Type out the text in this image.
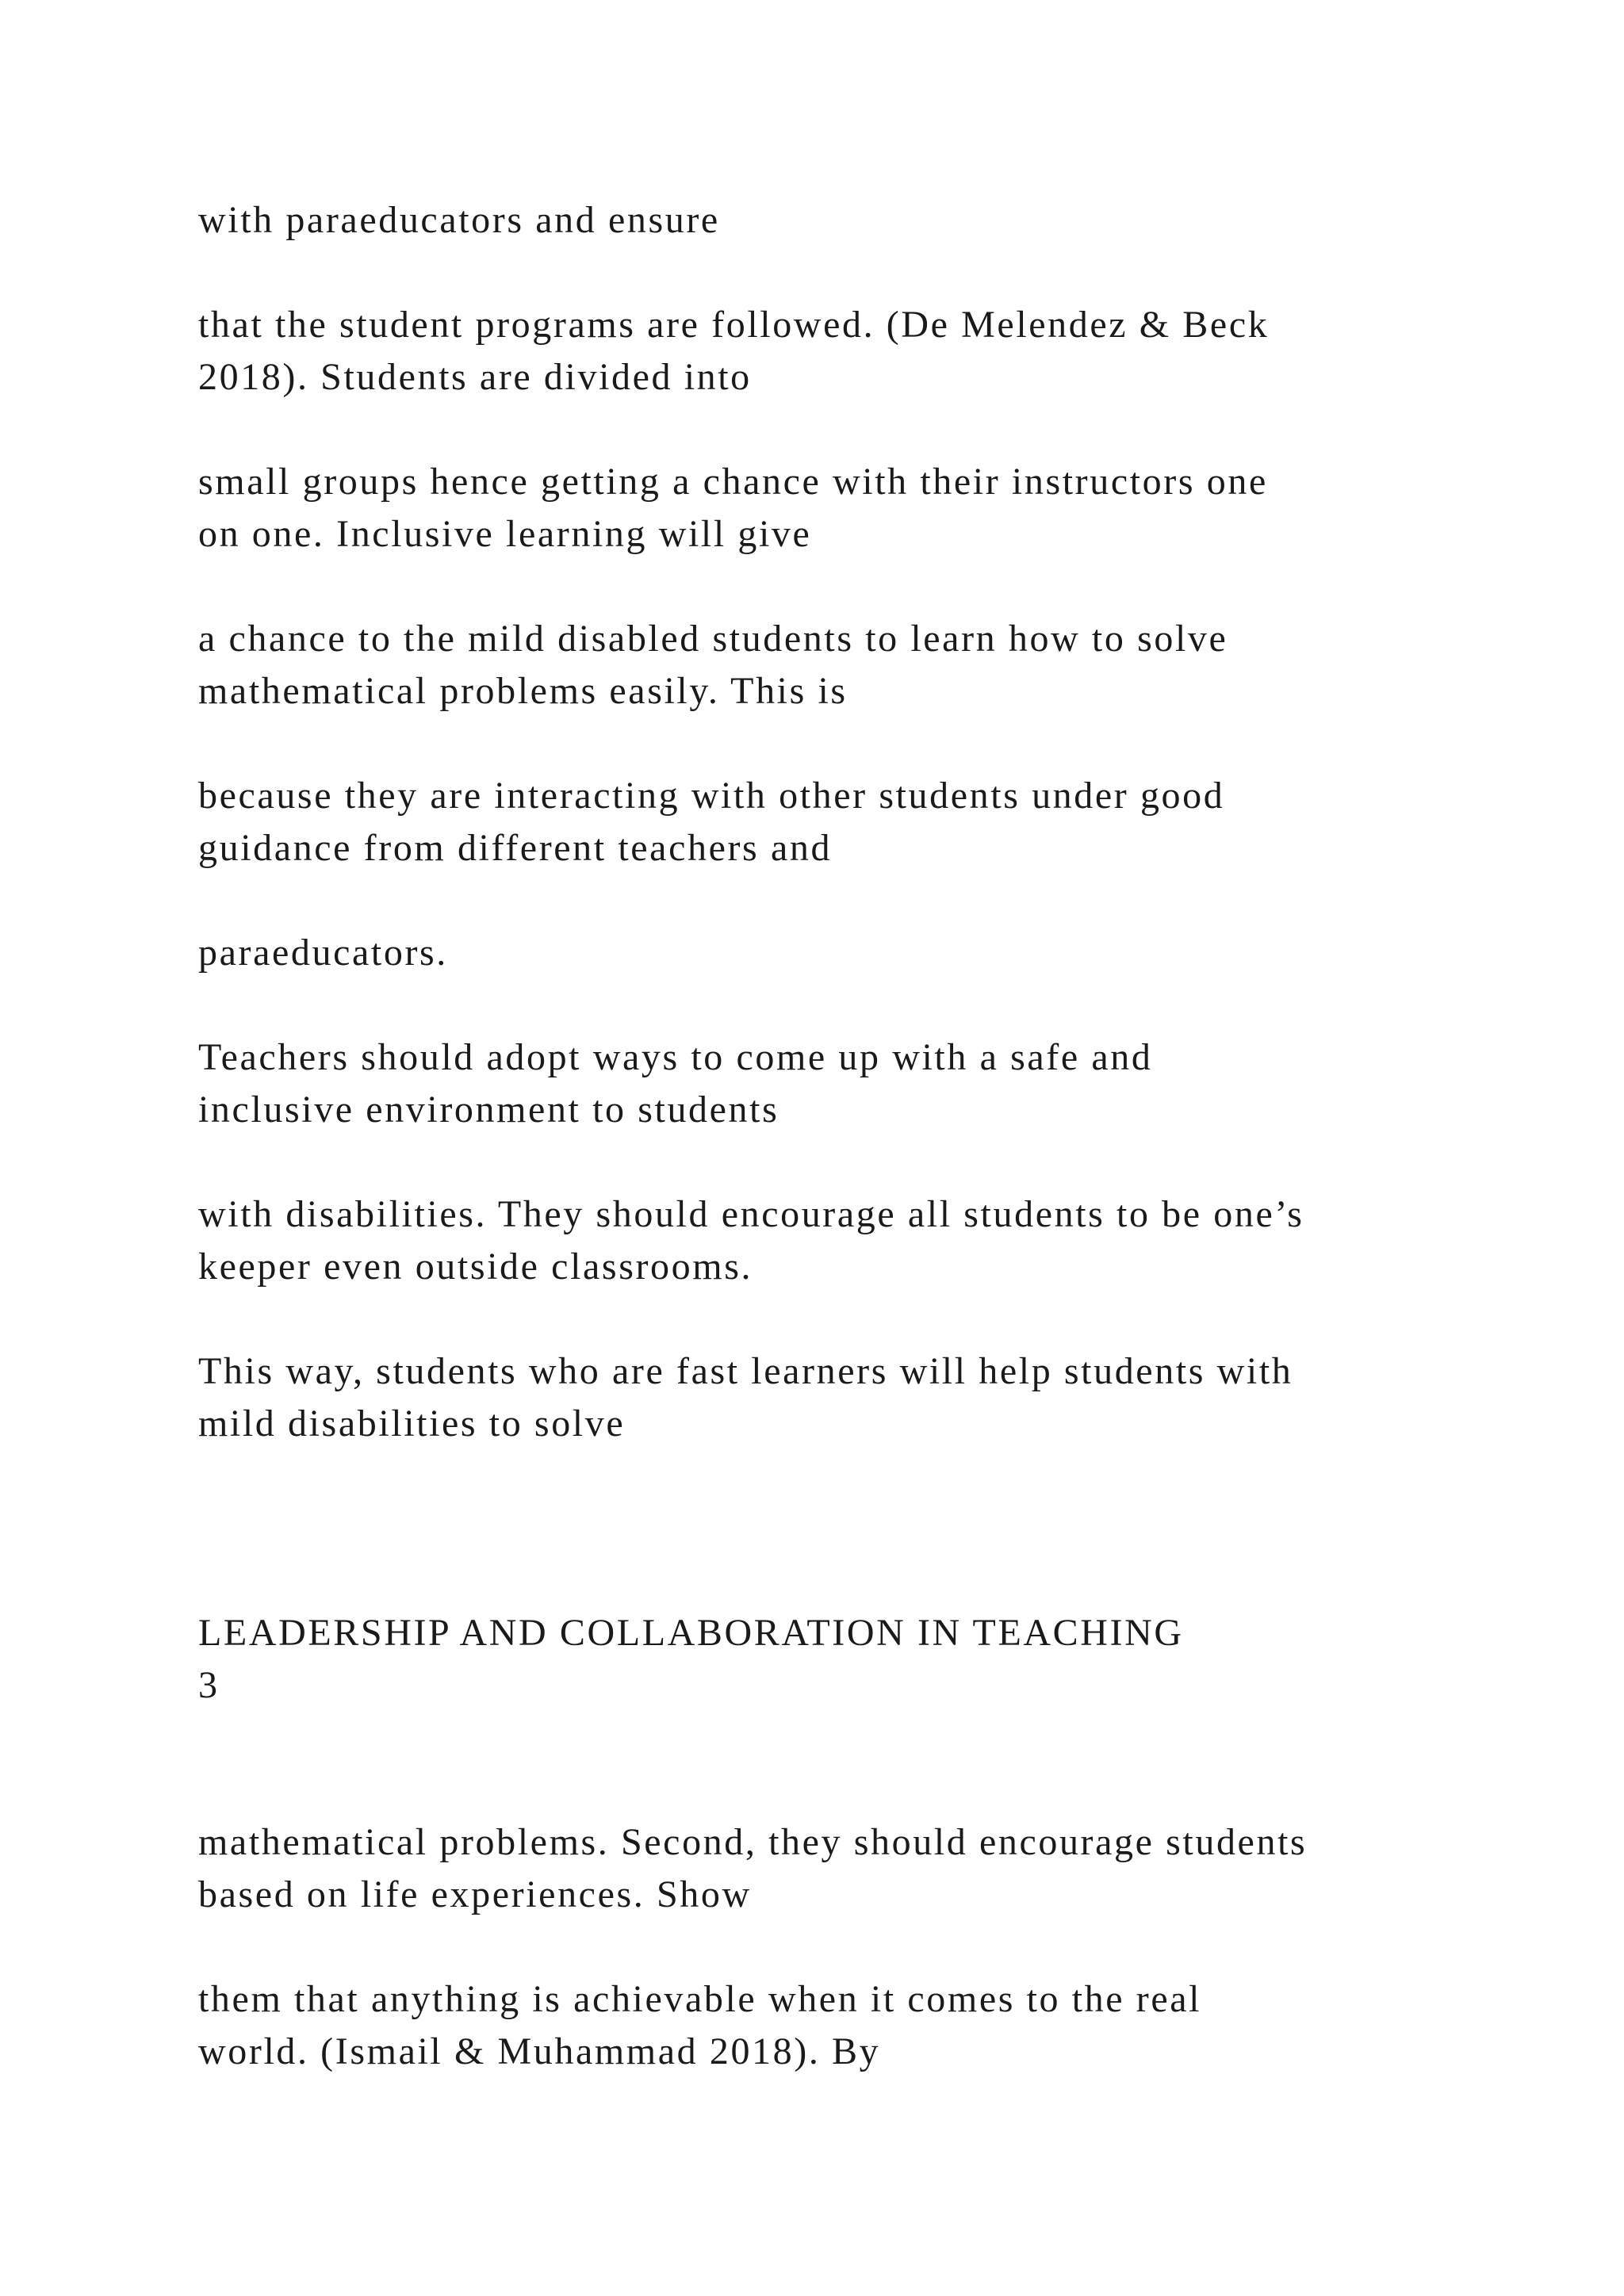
with paraeducators and ensure

that the student programs are followed. (De Melendez & Beck
2018). Students are divided into

small groups hence getting a chance with their instructors one
on one. Inclusive learning will give

a chance to the mild disabled students to learn how to solve
mathematical problems easily. This is

because they are interacting with other students under good
guidance from different teachers and

paraeducators.

Teachers should adopt ways to come up with a safe and
inclusive environment to students

with disabilities. They should encourage all students to be one’s
keeper even outside classrooms.

This way, students who are fast learners will help students with
mild disabilities to solve

LEADERSHIP AND COLLABORATION IN TEACHING

3

mathematical problems. Second, they should encourage students
based on life experiences. Show

them that anything is achievable when it comes to the real
world. (Ismail & Muhammad 2018). By
